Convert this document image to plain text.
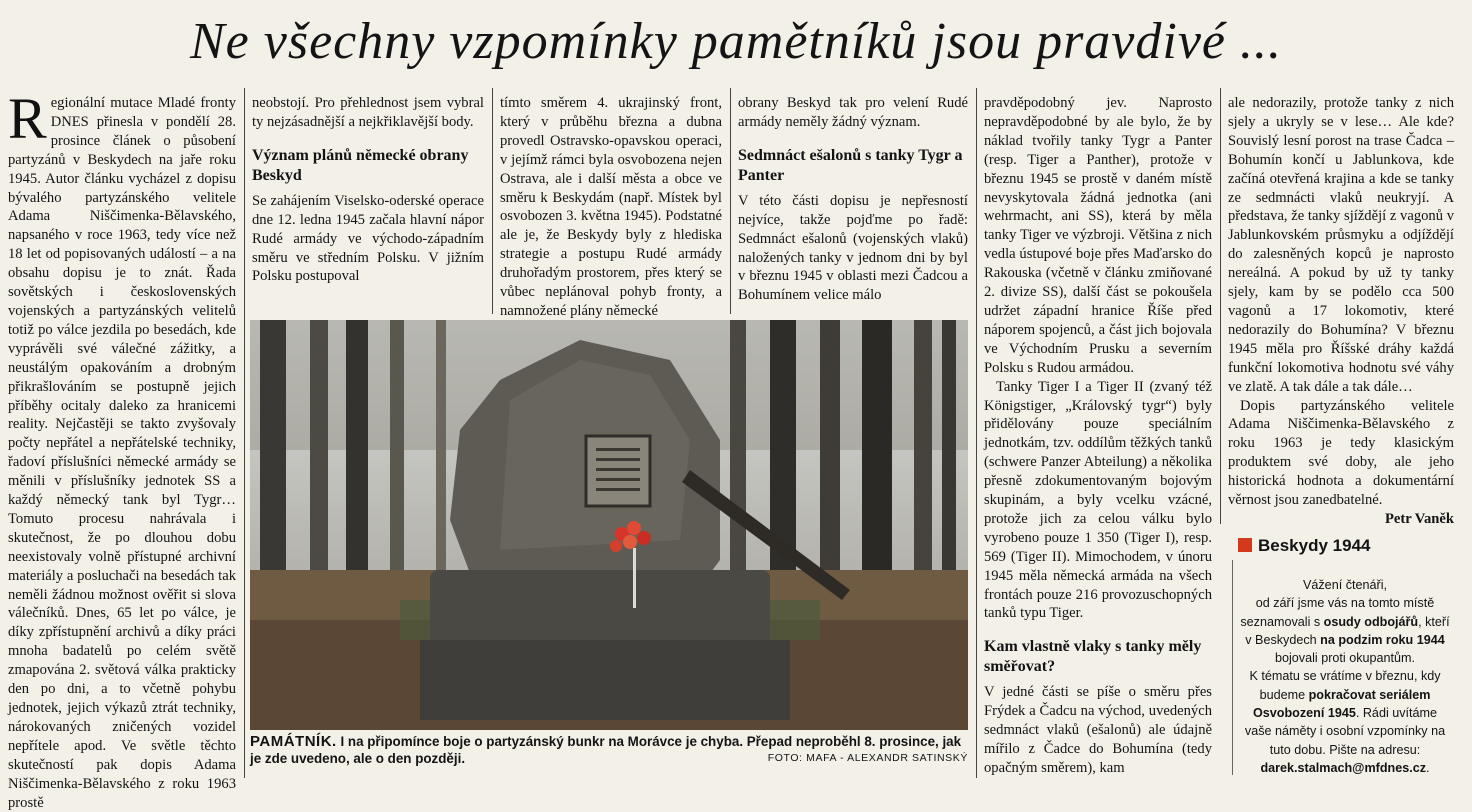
Ne všechny vzpomínky pamětníků jsou pravdivé ...

Regionální mutace Mladé fronty DNES přinesla v pondělí 28. prosince článek o působení partyzánů v Beskydech na jaře roku 1945. Autor článku vycházel z dopisu bývalého partyzánského velitele Adama Niščimenka-Bělavského, napsaného v roce 1963, tedy více než 18 let od popisovaných událostí – a na obsahu dopisu je to znát. Řada sovětských i československých vojenských a partyzánských velitelů totiž po válce jezdila po besedách, kde vyprávěli své válečné zážitky, a neustálým opakováním a drobným přikrašlováním se postupně jejich příběhy ocitaly daleko za hranicemi reality. Nejčastěji se takto zvyšovaly počty nepřátel a nepřátelské techniky, řadoví příslušníci německé armády se měnili v příslušníky jednotek SS a každý německý tank byl Tygr… Tomuto procesu nahrávala i skutečnost, že po dlouhou dobu neexistovaly volně přístupné archivní materiály a posluchači na besedách tak neměli žádnou možnost ověřit si slova válečníků. Dnes, 65 let po válce, je díky zpřístupnění archivů a díky práci mnoha badatelů po celém světě zmapována 2. světová válka prakticky den po dni, a to včetně pohybu jednotek, jejich výkazů ztrát techniky, nárokovaných zničených vozidel nepřítele apod. Ve světle těchto skutečností pak dopis Adama Niščimenka-Bělavského z roku 1963 prostě

neobstojí. Pro přehlednost jsem vybral ty nejzásadnější a nejkřiklavější body.

Význam plánů německé obrany Beskyd

Se zahájením Viselsko-oderské operace dne 12. ledna 1945 začala hlavní nápor Rudé armády ve východo-západním směru ve středním Polsku. V jižním Polsku postupoval

tímto směrem 4. ukrajinský front, který v průběhu března a dubna provedl Ostravsko-opavskou operaci, v jejímž rámci byla osvobozena nejen Ostrava, ale i další města a obce ve směru k Beskydám (např. Místek byl osvobozen 3. května 1945). Podstatné ale je, že Beskydy byly z hlediska strategie a postupu Rudé armády druhořadým prostorem, přes který se vůbec neplánoval pohyb fronty, a namnožené plány německé

obrany Beskyd tak pro velení Rudé armády neměly žádný význam.

Sedmnáct ešalonů s tanky Tygr a Panter

V této části dopisu je nepřesností nejvíce, takže pojďme po řadě: Sedmnáct ešalonů (vojenských vlaků) naložených tanky v jednom dni by byl v březnu 1945 v oblasti mezi Čadcou a Bohumínem velice málo

pravděpodobný jev. Naprosto nepravděpodobné by ale bylo, že by náklad tvořily tanky Tygr a Panter (resp. Tiger a Panther), protože v březnu 1945 se prostě v daném místě nevyskytovala žádná jednotka (ani wehrmacht, ani SS), která by měla tanky Tiger ve výzbroji. Většina z nich vedla ústupové boje přes Maďarsko do Rakouska (včetně v článku zmiňované 2. divize SS), další část se pokoušela udržet západní hranice Říše před náporem spojenců, a část jich bojovala ve Východním Prusku a severním Polsku s Rudou armádou.

Tanky Tiger I a Tiger II (zvaný též Königstiger, „Královský tygr“) byly přidělovány pouze speciálním jednotkám, tzv. oddílům těžkých tanků (schwere Panzer Abteilung) a několika přesně zdokumentovaným bojovým skupinám, a byly vcelku vzácné, protože jich za celou válku bylo vyrobeno pouze 1 350 (Tiger I), resp. 569 (Tiger II). Mimochodem, v únoru 1945 měla německá armáda na všech frontách pouze 216 provozuschopných tanků typu Tiger.

Kam vlastně vlaky s tanky měly směřovat?

V jedné části se píše o směru přes Frýdek a Čadcu na východ, uvedených sedmnáct vlaků (ešalonů) ale údajně mířilo z Čadce do Bohumína (tedy opačným směrem), kam

ale nedorazily, protože tanky z nich sjely a ukryly se v lese… Ale kde? Souvislý lesní porost na trase Čadca – Bohumín končí u Jablunkova, kde začíná otevřená krajina a kde se tanky ze sedmnácti vlaků neukryjí. A představa, že tanky sjíždějí z vagonů v Jablunkovském průsmyku a odjíždějí do zalesněných kopců je naprosto nereálná. A pokud by už ty tanky sjely, kam by se podělo cca 500 vagonů a 17 lokomotiv, které nedorazily do Bohumína? V březnu 1945 měla pro Říšské dráhy každá funkční lokomotiva hodnotu své váhy ve zlatě. A tak dále a tak dále…

Dopis partyzánského velitele Adama Niščimenka-Bělavského z roku 1963 je tedy klasickým produktem své doby, ale jeho historická hodnota a dokumentární věrnost jsou zanedbatelné.
Petr Vaněk

PAMÁTNÍK. I na připomínce boje o partyzánský bunkr na Morávce je chyba. Přepad neproběhl 8. prosince, jak je zde uvedeno, ale o den později.	FOTO: MAFA - ALEXANDR SATINSKÝ
Beskydy 1944
Vážení čtenáři,
od září jsme vás na tomto místě seznamovali s osudy odbojářů, kteří v Beskydech na podzim roku 1944 bojovali proti okupantům.
K tématu se vrátíme v březnu, kdy budeme pokračovat seriálem Osvobození 1945. Rádi uvítáme vaše náměty i osobní vzpomínky na tuto dobu. Pište na adresu:
darek.stalmach@mfdnes.cz.
